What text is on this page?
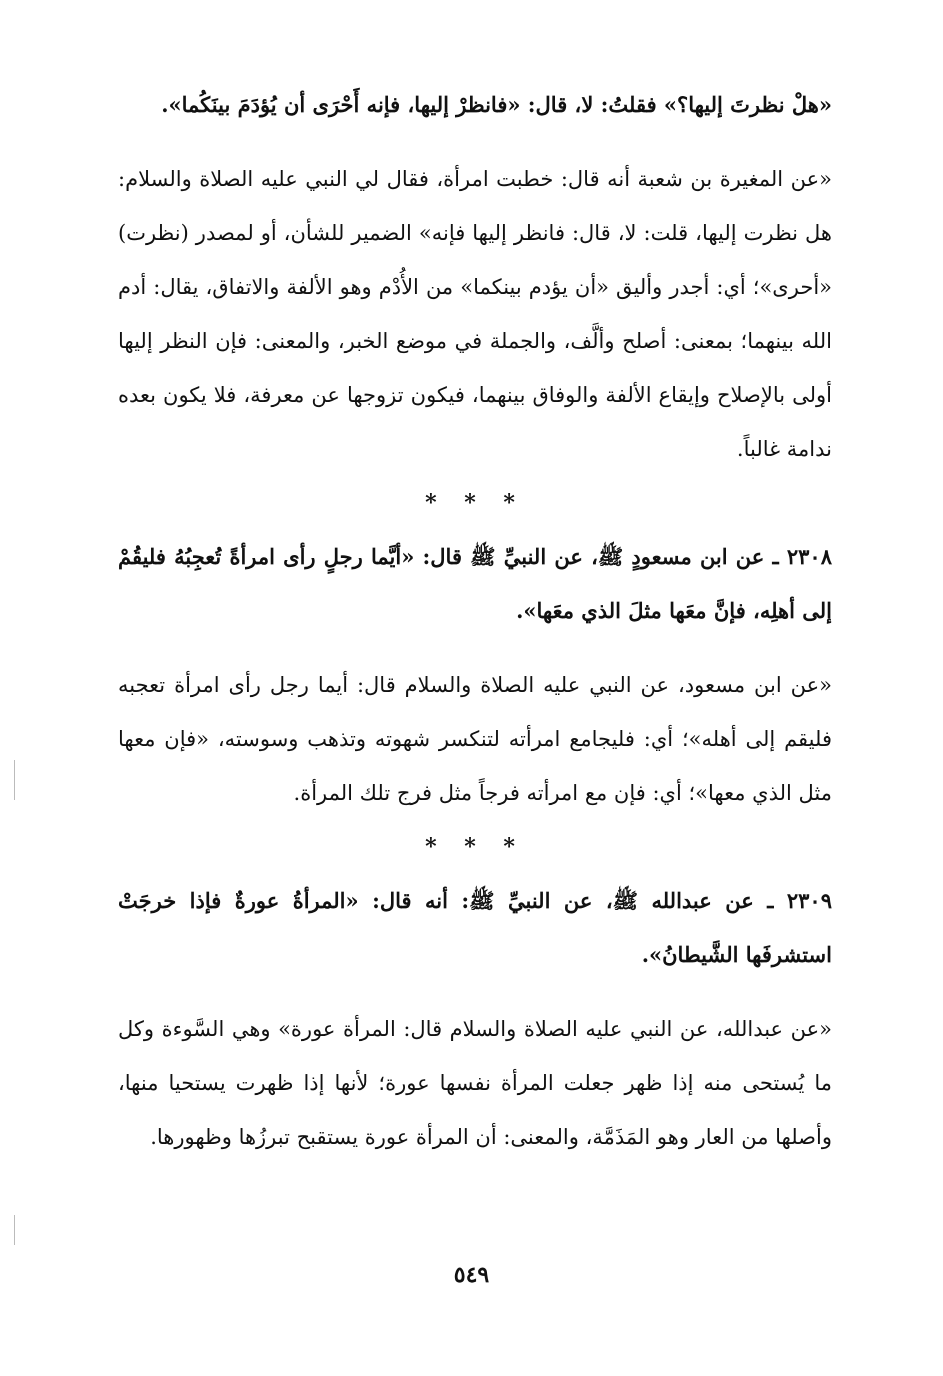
«هلْ نظرتَ إليها؟» فقلتُ: لا، قال: «فانظرْ إليها، فإنه أَحْرَى أن يُؤدَمَ بينَكُما».

«عن المغيرة بن شعبة أنه قال: خطبت امرأة، فقال لي النبي عليه الصلاة والسلام: هل نظرت إليها، قلت: لا، قال: فانظر إليها فإنه» الضمير للشأن، أو لمصدر (نظرت) «أحرى»؛ أي: أجدر وأليق «أن يؤدم بينكما» من الأُدْم وهو الألفة والاتفاق، يقال: أدم الله بينهما؛ بمعنى: أصلح وألَّف، والجملة في موضع الخبر، والمعنى: فإن النظر إليها أولى بالإصلاح وإيقاع الألفة والوفاق بينهما، فيكون تزوجها عن معرفة، فلا يكون بعده ندامة غالباً.

* * *

٢٣٠٨ ـ عن ابن مسعودٍ ﷺ، عن النبيِّ ﷺ قال: «أيَّما رجلٍ رأى امرأةً تُعجِبُهُ فليقُمْ إلى أهلِه، فإنَّ معَها مثلَ الذي معَها».

«عن ابن مسعود، عن النبي عليه الصلاة والسلام قال: أيما رجل رأى امرأة تعجبه فليقم إلى أهله»؛ أي: فليجامع امرأته لتنكسر شهوته وتذهب وسوسته، «فإن معها مثل الذي معها»؛ أي: فإن مع امرأته فرجاً مثل فرج تلك المرأة.

* * *

٢٣٠٩ ـ عن عبدالله ﷺ، عن النبيِّ ﷺ: أنه قال: «المرأةُ عورةٌ فإذا خرجَتْ استشرفَها الشَّيطانُ».

«عن عبدالله، عن النبي عليه الصلاة والسلام قال: المرأة عورة» وهي السَّوءة وكل ما يُستحى منه إذا ظهر جعلت المرأة نفسها عورة؛ لأنها إذا ظهرت يستحيا منها، وأصلها من العار وهو المَذَمَّة، والمعنى: أن المرأة عورة يستقبح تبرزُها وظهورها.

٥٤٩
